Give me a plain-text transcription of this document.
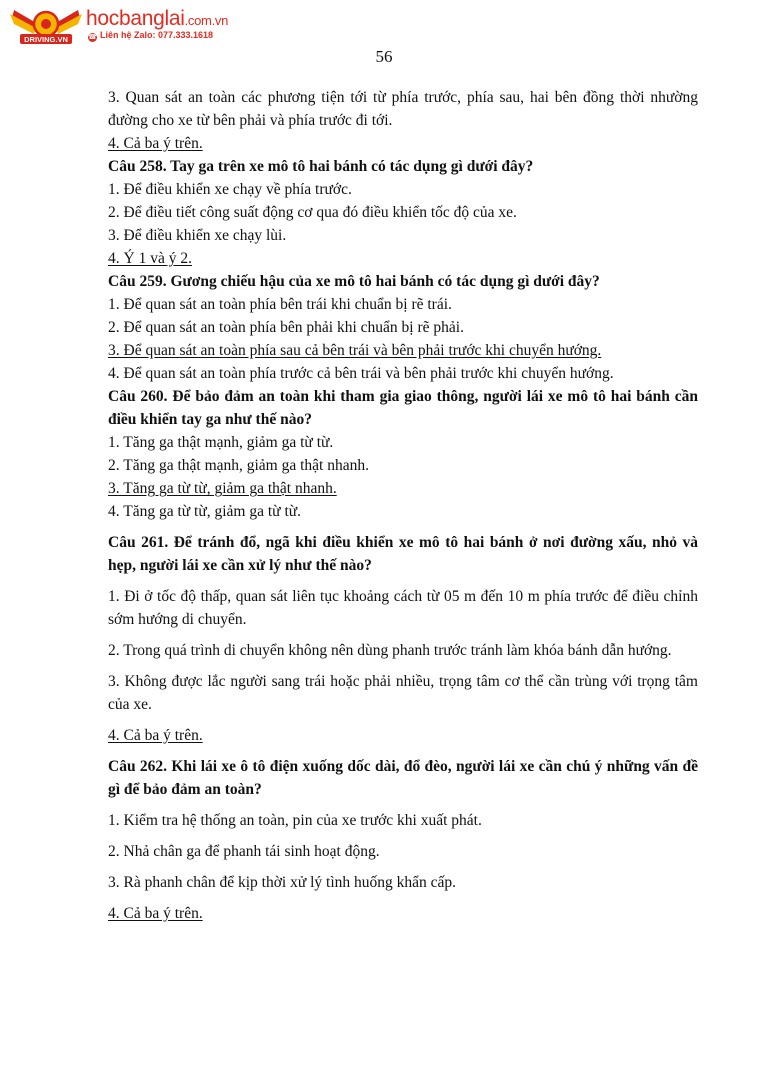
DRIVING.VN
hocbanglai.com.vn
☎ Liên hệ Zalo: 077.333.1618
56

3. Quan sát an toàn các phương tiện tới từ phía trước, phía sau, hai bên đồng thời nhường đường cho xe từ bên phải và phía trước đi tới.

4. Cả ba ý trên.

Câu 258. Tay ga trên xe mô tô hai bánh có tác dụng gì dưới đây?

1. Để điều khiển xe chạy về phía trước.

2. Để điều tiết công suất động cơ qua đó điều khiển tốc độ của xe.

3. Để điều khiển xe chạy lùi.

4. Ý 1 và ý 2.

Câu 259. Gương chiếu hậu của xe mô tô hai bánh có tác dụng gì dưới đây?

1. Để quan sát an toàn phía bên trái khi chuẩn bị rẽ trái.

2. Để quan sát an toàn phía bên phải khi chuẩn bị rẽ phải.

3. Để quan sát an toàn phía sau cả bên trái và bên phải trước khi chuyển hướng.

4. Để quan sát an toàn phía trước cả bên trái và bên phải trước khi chuyển hướng.

Câu 260. Để bảo đảm an toàn khi tham gia giao thông, người lái xe mô tô hai bánh cần điều khiển tay ga như thế nào?

1. Tăng ga thật mạnh, giảm ga từ từ.

2. Tăng ga thật mạnh, giảm ga thật nhanh.

3. Tăng ga từ từ, giảm ga thật nhanh.

4. Tăng ga từ từ, giảm ga từ từ.

Câu 261. Để tránh đổ, ngã khi điều khiển xe mô tô hai bánh ở nơi đường xấu, nhỏ và hẹp, người lái xe cần xử lý như thế nào?

1. Đi ở tốc độ thấp, quan sát liên tục khoảng cách từ 05 m đến 10 m phía trước để điều chỉnh sớm hướng di chuyển.

2. Trong quá trình di chuyển không nên dùng phanh trước tránh làm khóa bánh dẫn hướng.

3. Không được lắc người sang trái hoặc phải nhiều, trọng tâm cơ thể cần trùng với trọng tâm của xe.

4. Cả ba ý trên.

Câu 262. Khi lái xe ô tô điện xuống dốc dài, đổ đèo, người lái xe cần chú ý những vấn đề gì để bảo đảm an toàn?

1. Kiểm tra hệ thống an toàn, pin của xe trước khi xuất phát.

2. Nhả chân ga để phanh tái sinh hoạt động.

3. Rà phanh chân để kịp thời xử lý tình huống khẩn cấp.

4. Cả ba ý trên.
